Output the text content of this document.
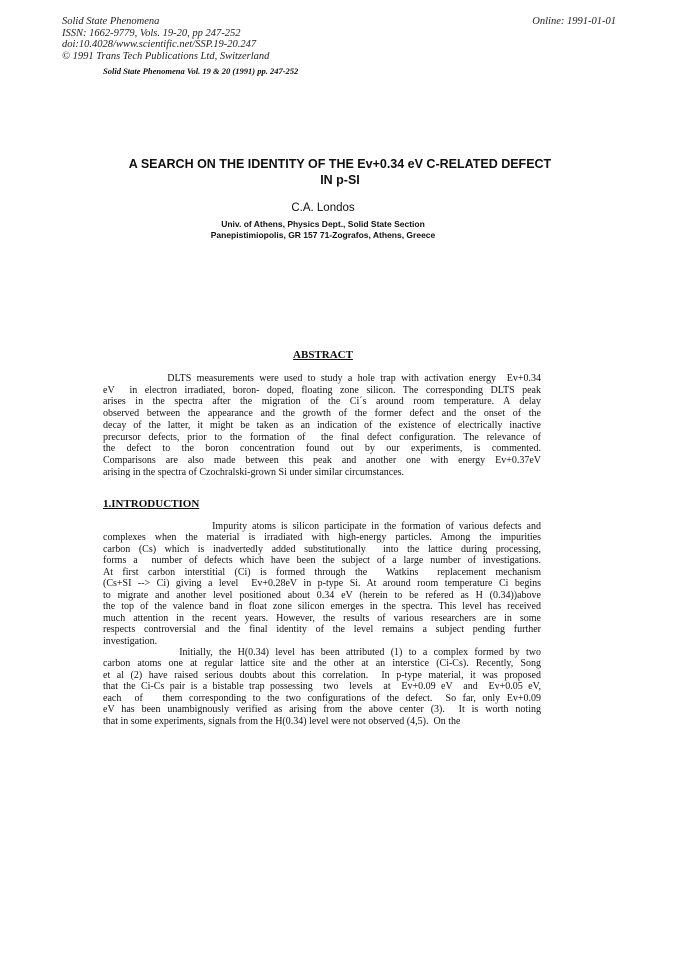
Solid State Phenomena
ISSN: 1662-9779, Vols. 19-20, pp 247-252
doi:10.4028/www.scientific.net/SSP.19-20.247
© 1991 Trans Tech Publications Ltd, Switzerland
Online: 1991-01-01
Solid State Phenomena Vol. 19 & 20 (1991) pp. 247-252
A SEARCH ON THE IDENTITY OF THE Ev+0.34 eV C-RELATED DEFECT
IN p-SI
C.A. Londos
Univ. of Athens, Physics Dept., Solid State Section
Panepistimiopolis, GR 157 71-Zografos, Athens, Greece
ABSTRACT
DLTS measurements were used to study a hole trap with activation energy  Ev+0.34
eV  in electron irradiated, boron- doped, floating zone silicon. The corresponding DLTS peak
arises in the spectra after the migration of the Ci´s around room temperature. A delay
observed between the appearance and the growth of the former defect and the onset of the
decay of the latter, it might be taken as an indication of the existence of electrically inactive
precursor defects, prior to the formation of  the final defect configuration. The relevance of
the defect to the boron concentration found out by our experiments, is commented.
Comparisons are also made between this peak and another one with energy Ev+0.37eV
arising in the spectra of Czochralski-grown Si under similar circumstances.
1.INTRODUCTION
Impurity atoms is silicon participate in the formation of various defects and
complexes when the material is irradiated with high-energy particles. Among the impurities
carbon (Cs) which is inadvertedly added substitutionally  into the lattice during processing,
forms a  number of defects which have been the subject of a large number of investigations.
At first carbon interstitial (Ci) is formed through the  Watkins  replacement mechanism
(Cs+SI --> Ci) giving a level  Ev+0.28eV in p-type Si. At around room temperature Ci begins
to migrate and another level positioned about 0.34 eV (herein to be refered as H (0.34))above
the top of the valence band in float zone silicon emerges in the spectra. This level has received
much attention in the recent years. However, the results of various researchers are in some
respects controversial and the final identity of the level remains a subject pending further
investigation.
Initially, the H(0.34) level has been attributed (1) to a complex formed by two
carbon atoms one at regular lattice site and the other at an interstice (Ci-Cs). Recently, Song
et al (2) have raised serious doubts about this correlation.  In p-type material, it was proposed
that the Ci-Cs pair is a bistable trap possessing  two  levels  at  Ev+0.09 eV  and  Ev+0.05 eV,
each  of   them corresponding to the two configurations of the defect.  So far, only Ev+0.09
eV has been unambignously verified as arising from the above center (3).  It is worth noting
that in some experiments, signals from the H(0.34) level were not observed (4,5).  On the
